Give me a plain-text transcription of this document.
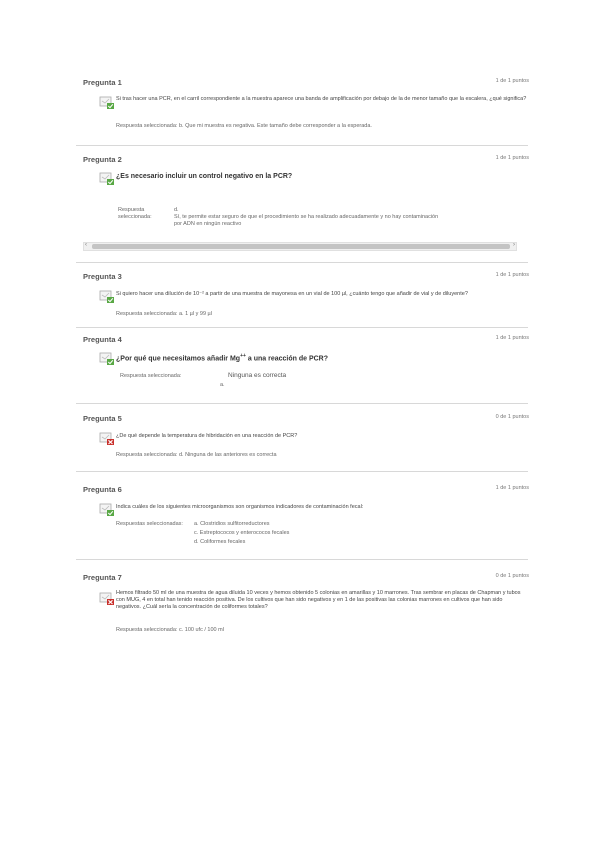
Pregunta 1	1 de 1 puntos
Si tras hacer una PCR, en el carril correspondiente a la muestra aparece una banda de amplificación por debajo de la de menor tamaño que la escalera, ¿qué significa?
Respuesta seleccionada: b. Que mi muestra es negativa. Este tamaño debe corresponder a la esperada.
Pregunta 2	1 de 1 puntos
¿Es necesario incluir un control negativo en la PCR?
Respuesta
seleccionada:
d.
Sí, te permite estar seguro de que el procedimiento se ha realizado adecuadamente y no hay contaminación
por ADN en ningún reactivo
‹	›
Pregunta 3	1 de 1 puntos
Si quiero hacer una dilución de 10⁻² a partir de una muestra de mayonesa en un vial de 100 µl, ¿cuánto tengo que añadir de vial y de diluyente?
Respuesta seleccionada: a. 1 µl y 99 µl
Pregunta 4	1 de 1 puntos
¿Por qué que necesitamos añadir Mg++ a una reacción de PCR?
Respuesta seleccionada:	Ninguna es correcta
a.
Pregunta 5	0 de 1 puntos
¿De qué depende la temperatura de hibridación en una reacción de PCR?
Respuesta seleccionada: d. Ninguna de las anteriores es correcta
Pregunta 6	1 de 1 puntos
Indica cuáles de los siguientes microorganismos son organismos indicadores de contaminación fecal:
Respuestas seleccionadas: a. Clostridios sulfitorreductores
c. Estreptococos y enterococos fecales
d. Coliformes fecales
Pregunta 7	0 de 1 puntos
Hemos filtrado 50 ml de una muestra de agua diluida 10 veces y hemos obtenido 5 colonias en amarillas y 10 marrones. Tras sembrar en placas de Chapman y tubos con MUG, 4 en total han tenido reacción positiva. De los cultivos que han sido negativos y en 1 de las positivas las colonias marrones en cultivos que han sido negativos. ¿Cuál sería la concentración de coliformes totales?
Respuesta seleccionada: c. 100 ufc / 100 ml
